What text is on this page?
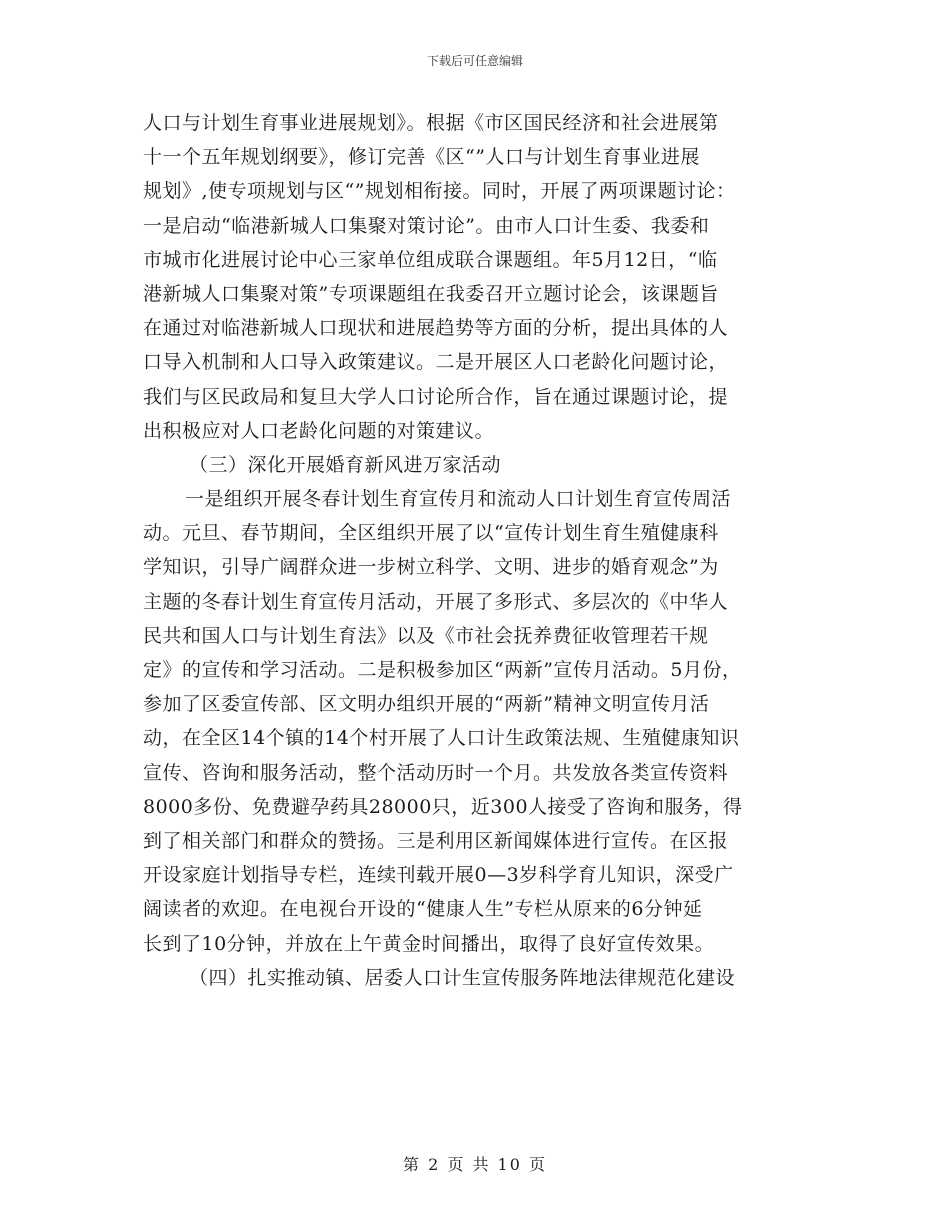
下载后可任意编辑
人口与计划生育事业进展规划》。根据《市区国民经济和社会进展第
十一个五年规划纲要》，修订完善《区“”人口与计划生育事业进展
规划》,使专项规划与区“”规划相衔接。同时，开展了两项课题讨论：
一是启动“临港新城人口集聚对策讨论”。由市人口计生委、我委和
市城市化进展讨论中心三家单位组成联合课题组。年5月12日，“临
港新城人口集聚对策”专项课题组在我委召开立题讨论会，该课题旨
在通过对临港新城人口现状和进展趋势等方面的分析，提出具体的人
口导入机制和人口导入政策建议。二是开展区人口老龄化问题讨论，
我们与区民政局和复旦大学人口讨论所合作，旨在通过课题讨论，提
出积极应对人口老龄化问题的对策建议。
（三）深化开展婚育新风进万家活动
一是组织开展冬春计划生育宣传月和流动人口计划生育宣传周活
动。元旦、春节期间，全区组织开展了以“宣传计划生育生殖健康科
学知识，引导广阔群众进一步树立科学、文明、进步的婚育观念”为
主题的冬春计划生育宣传月活动，开展了多形式、多层次的《中华人
民共和国人口与计划生育法》以及《市社会抚养费征收管理若干规
定》的宣传和学习活动。二是积极参加区“两新”宣传月活动。5月份，
参加了区委宣传部、区文明办组织开展的“两新”精神文明宣传月活
动，在全区14个镇的14个村开展了人口计生政策法规、生殖健康知识
宣传、咨询和服务活动，整个活动历时一个月。共发放各类宣传资料
8000多份、免费避孕药具28000只，近300人接受了咨询和服务，得
到了相关部门和群众的赞扬。三是利用区新闻媒体进行宣传。在区报
开设家庭计划指导专栏，连续刊载开展0—3岁科学育儿知识，深受广
阔读者的欢迎。在电视台开设的“健康人生”专栏从原来的6分钟延
长到了10分钟，并放在上午黄金时间播出，取得了良好宣传效果。
（四）扎实推动镇、居委人口计生宣传服务阵地法律规范化建设
第 2 页 共 10 页
